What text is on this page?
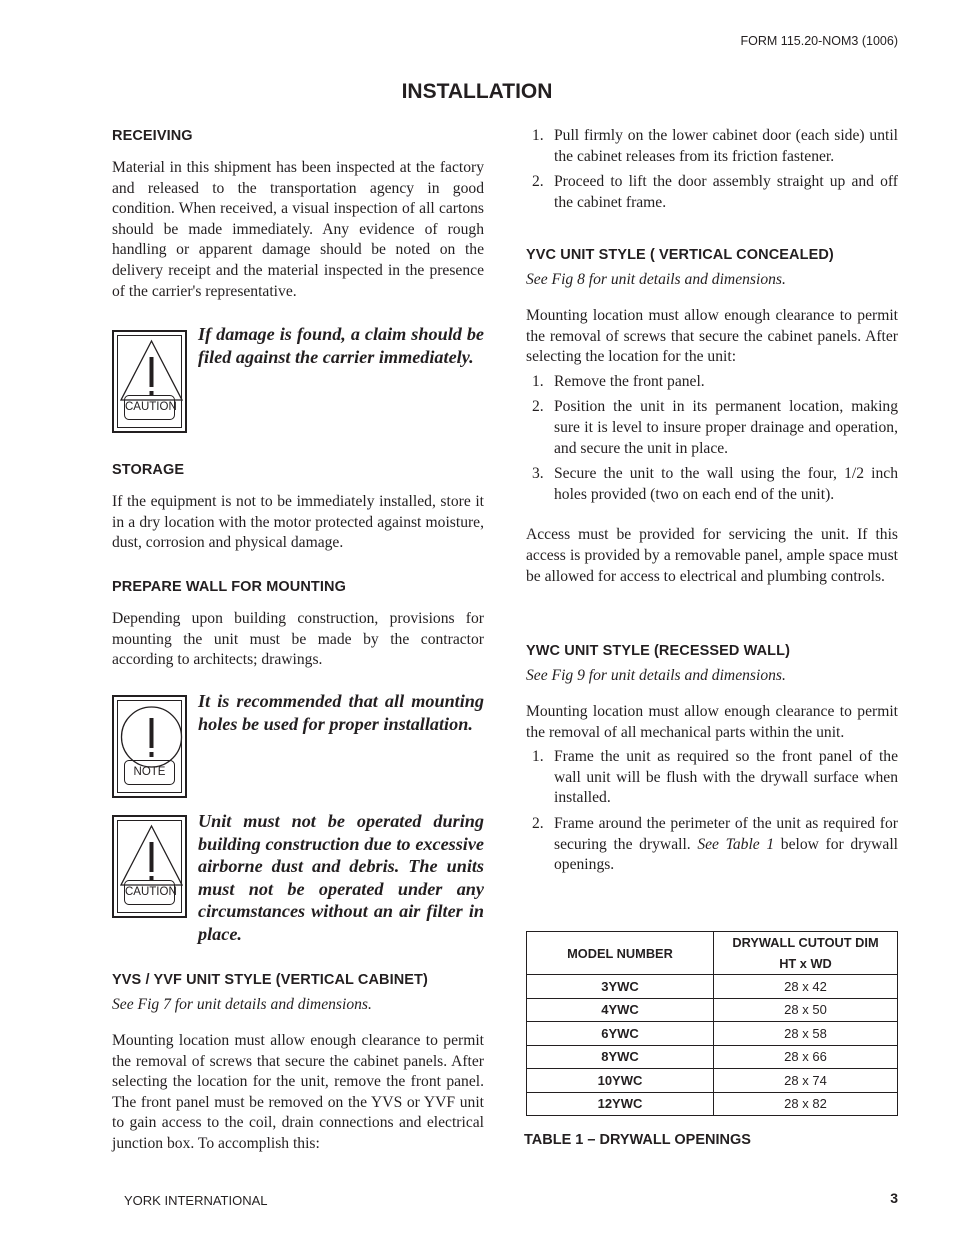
FORM 115.20-NOM3 (1006)
INSTALLATION
RECEIVING

Material in this shipment has been inspected at the factory and released to the transportation agency in good condition. When received, a visual inspection of all cartons should be made immediately. Any evidence of rough handling or apparent damage should be noted on the delivery receipt and the material inspected in the presence of the carrier's representative.

CAUTION
If damage is found, a claim should be filed against the carrier immediately.
STORAGE

If the equipment is not to be immediately installed, store it in a dry location with the motor protected against moisture, dust, corrosion and physical damage.

PREPARE WALL FOR MOUNTING

Depending upon building construction, provisions for mounting the unit must be made by the contractor according to architects; drawings.

NOTE
It is recommended that all mounting holes be used for proper installation.
CAUTION
Unit must not be operated during building construction due to excessive airborne dust and debris. The units must not be operated under any circumstances without an air filter in place.
YVS / YVF UNIT STYLE (VERTICAL CABINET)
See Fig 7 for unit details and dimensions.

Mounting location must allow enough clearance to permit the removal of screws that secure the cabinet panels. After selecting the location for the unit, remove the front panel. The front panel must be removed on the YVS or YVF unit to gain access to the coil, drain connections and electrical junction box. To accomplish this:

1. Pull firmly on the lower cabinet door (each side) until the cabinet releases from its friction fastener.
2. Proceed to lift the door assembly straight up and off the cabinet frame.
YVC UNIT STYLE ( VERTICAL CONCEALED)
See Fig 8 for unit details and dimensions.

Mounting location must allow enough clearance to permit the removal of screws that secure the cabinet panels. After selecting the location for the unit:

1. Remove the front panel.
2. Position the unit in its permanent location, making sure it is level to insure proper drainage and operation, and secure the unit in place.
3. Secure the unit to the wall using the four, 1/2 inch holes provided (two on each end of the unit).

Access must be provided for servicing the unit. If this access is provided by a removable panel, ample space must be allowed for access to electrical and plumbing controls.

YWC UNIT STYLE (RECESSED WALL)
See Fig 9 for unit details and dimensions.

Mounting location must allow enough clearance to permit the removal of all mechanical parts within the unit.

1. Frame the unit as required so the front panel of the wall unit will be flush with the drywall surface when installed.
2. Frame around the perimeter of the unit as required for securing the drywall. See Table 1 below for drywall openings.
MODEL NUMBER	DRYWALL CUTOUT DIM
HT x WD
3YWC	28 x 42
4YWC	28 x 50
6YWC	28 x 58
8YWC	28 x 66
10YWC	28 x 74
12YWC	28 x 82
TABLE 1 – DRYWALL OPENINGS
YORK INTERNATIONAL	3
